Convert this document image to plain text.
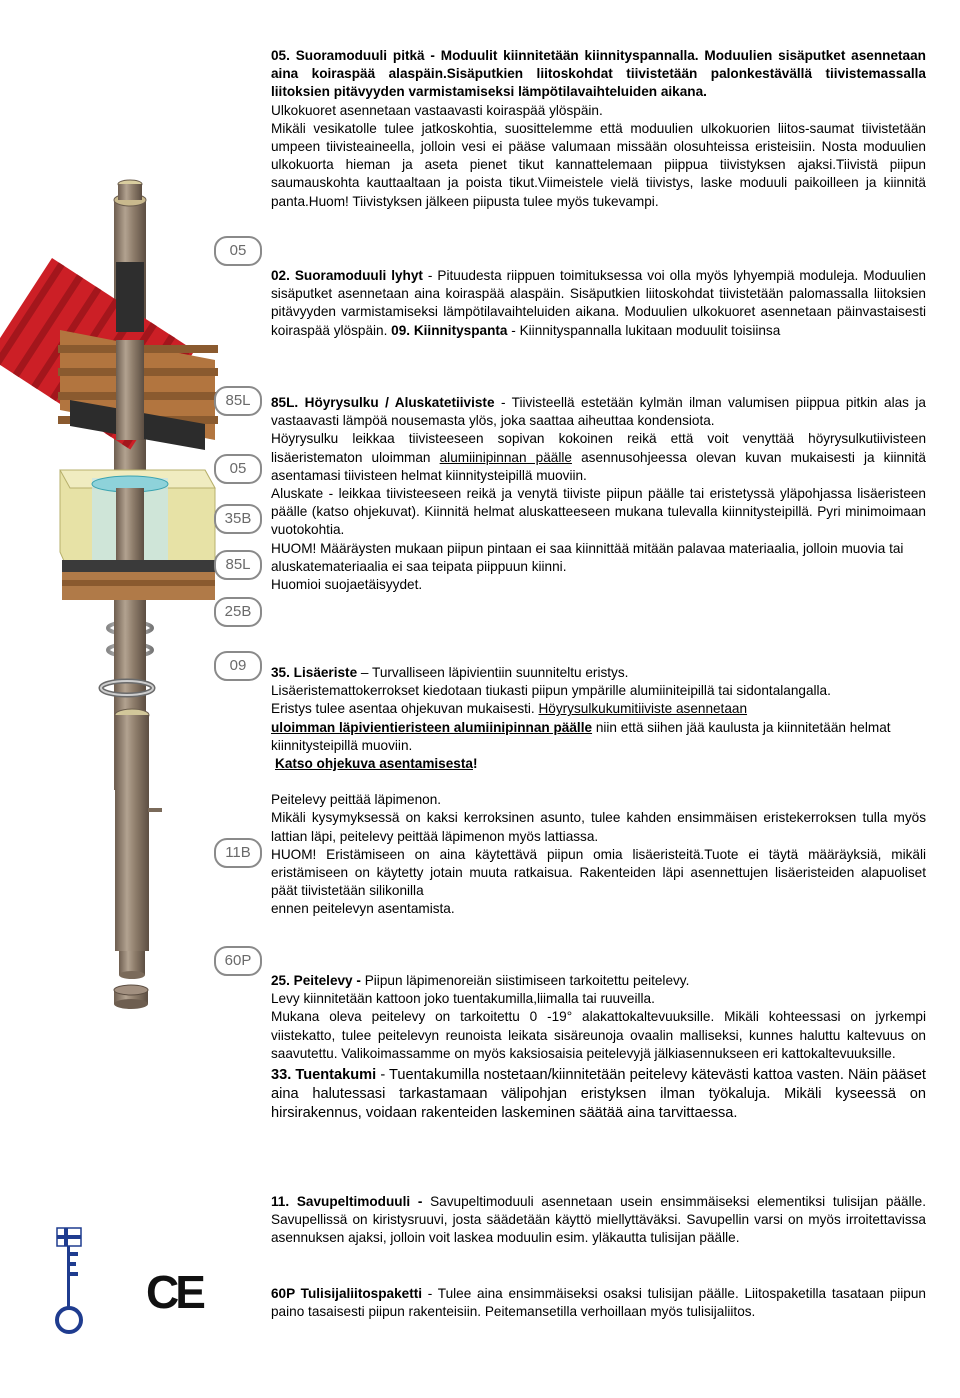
CE
05
85L
05
35B
85L
25B
09
11B
60P

05. Suoramoduuli pitkä - Moduulit kiinnitetään kiinnityspannalla. Moduulien sisäputket asennetaan aina koiraspää alaspäin.Sisäputkien liitoskohdat tiivistetään palonkestävällä tiivistemassalla liitoksien pitävyyden varmistamiseksi lämpötilavaihteluiden aikana.

Ulkokuoret asennetaan vastaavasti koiraspää ylöspäin.

Mikäli vesikatolle tulee jatkoskohtia, suosittelemme että moduulien ulkokuorien liitos-saumat tiivistetään umpeen tiivisteaineella, jolloin vesi ei pääse valumaan missään olosuhteissa eristeisiin. Nosta moduulien ulkokuorta hieman ja aseta pienet tikut kannattelemaan piippua tiivistyksen ajaksi.Tiivistä piipun saumauskohta kauttaaltaan ja poista tikut.Viimeistele vielä tiivistys, laske moduuli paikoilleen ja kiinnitä panta.Huom! Tiivistyksen jälkeen piipusta tulee myös tukevampi.

02. Suoramoduuli lyhyt - Pituudesta riippuen toimituksessa voi olla myös lyhyempiä moduleja. Moduulien sisäputket asennetaan aina koiraspää alaspäin. Sisäputkien liitoskohdat tiivistetään palomassalla liitoksien pitävyyden varmistamiseksi lämpötilavaihteluiden aikana. Moduulien ulkokuoret asennetaan päinvastaisesti koiraspää ylöspäin. 09. Kiinnityspanta - Kiinnityspannalla lukitaan moduulit toisiinsa

85L. Höyrysulku / Aluskatetiiviste - Tiivisteellä estetään kylmän ilman valumisen piippua pitkin alas ja vastaavasti lämpöä nousemasta ylös, joka saattaa aiheuttaa kondensiota.

Höyrysulku leikkaa tiivisteeseen sopivan kokoinen reikä että voit venyttää höyrysulkutiivisteen lisäeristematon uloimman alumiinipinnan päälle asennusohjeessa olevan kuvan mukaisesti ja kiinnitä asentamasi tiivisteen helmat kiinnitysteipillä muoviin.

Aluskate - leikkaa tiivisteeseen reikä ja venytä tiiviste piipun päälle tai eristetyssä yläpohjassa lisäeristeen päälle (katso ohjekuvat). Kiinnitä helmat aluskatteeseen mukana tulevalla kiinnitysteipillä. Pyri minimoimaan vuotokohtia.

HUOM! Määräysten mukaan piipun pintaan ei saa kiinnittää mitään palavaa materiaalia, jolloin muovia tai aluskatemateriaalia ei saa teipata piippuun kiinni.

Huomioi suojaetäisyydet.

35. Lisäeriste – Turvalliseen läpivientiin suunniteltu eristys.

Lisäeristemattokerrokset kiedotaan tiukasti piipun ympärille alumiiniteipillä tai sidontalangalla.

Eristys tulee asentaa ohjekuvan mukaisesti. Höyrysulkukumitiiviste asennetaan

uloimman läpivientieristeen alumiinipinnan päälle niin että siihen jää kaulusta ja kiinnitetään helmat kiinnitysteipillä muoviin.

Katso ohjekuva asentamisesta!

Peitelevy peittää läpimenon.

Mikäli kysymyksessä on kaksi kerroksinen asunto, tulee kahden ensimmäisen eristekerroksen tulla myös lattian läpi, peitelevy peittää läpimenon myös lattiassa.

HUOM! Eristämiseen on aina käytettävä piipun omia lisäeristeitä.Tuote ei täytä määräyksiä, mikäli eristämiseen on käytetty jotain muuta ratkaisua. Rakenteiden läpi asennettujen lisäeristeiden alapuoliset päät tiivistetään silikonilla

ennen peitelevyn asentamista.

25. Peitelevy - Piipun läpimenoreiän siistimiseen tarkoitettu peitelevy.

Levy kiinnitetään kattoon joko tuentakumilla,liimalla tai ruuveilla.

Mukana oleva peitelevy on tarkoitettu 0 -19° alakattokaltevuuksille. Mikäli kohteessasi on jyrkempi viistekatto, tulee peitelevyn reunoista leikata sisäreunoja ovaalin malliseksi, kunnes haluttu kaltevuus on saavutettu. Valikoimassamme on myös kaksiosaisia peitelevyjä jälkiasennukseen eri kattokaltevuuksille.

33. Tuentakumi - Tuentakumilla nostetaan/kiinnitetään peitelevy kätevästi kattoa vasten. Näin pääset aina halutessasi tarkastamaan välipohjan eristyksen ilman työkaluja. Mikäli kyseessä on hirsirakennus, voidaan rakenteiden laskeminen säätää aina tarvittaessa.

11. Savupeltimoduuli - Savupeltimoduuli asennetaan usein ensimmäiseksi elementiksi tulisijan päälle. Savupellissä on kiristysruuvi, josta säädetään käyttö miellyttäväksi. Savupellin varsi on myös irroitettavissa asennuksen ajaksi, jolloin voit laskea moduulin esim. yläkautta tulisijan päälle.

60P Tulisijaliitospaketti - Tulee aina ensimmäiseksi osaksi tulisijan päälle. Liitospaketilla tasataan piipun paino tasaisesti piipun rakenteisiin. Peitemansetilla verhoillaan myös tulisijaliitos.
